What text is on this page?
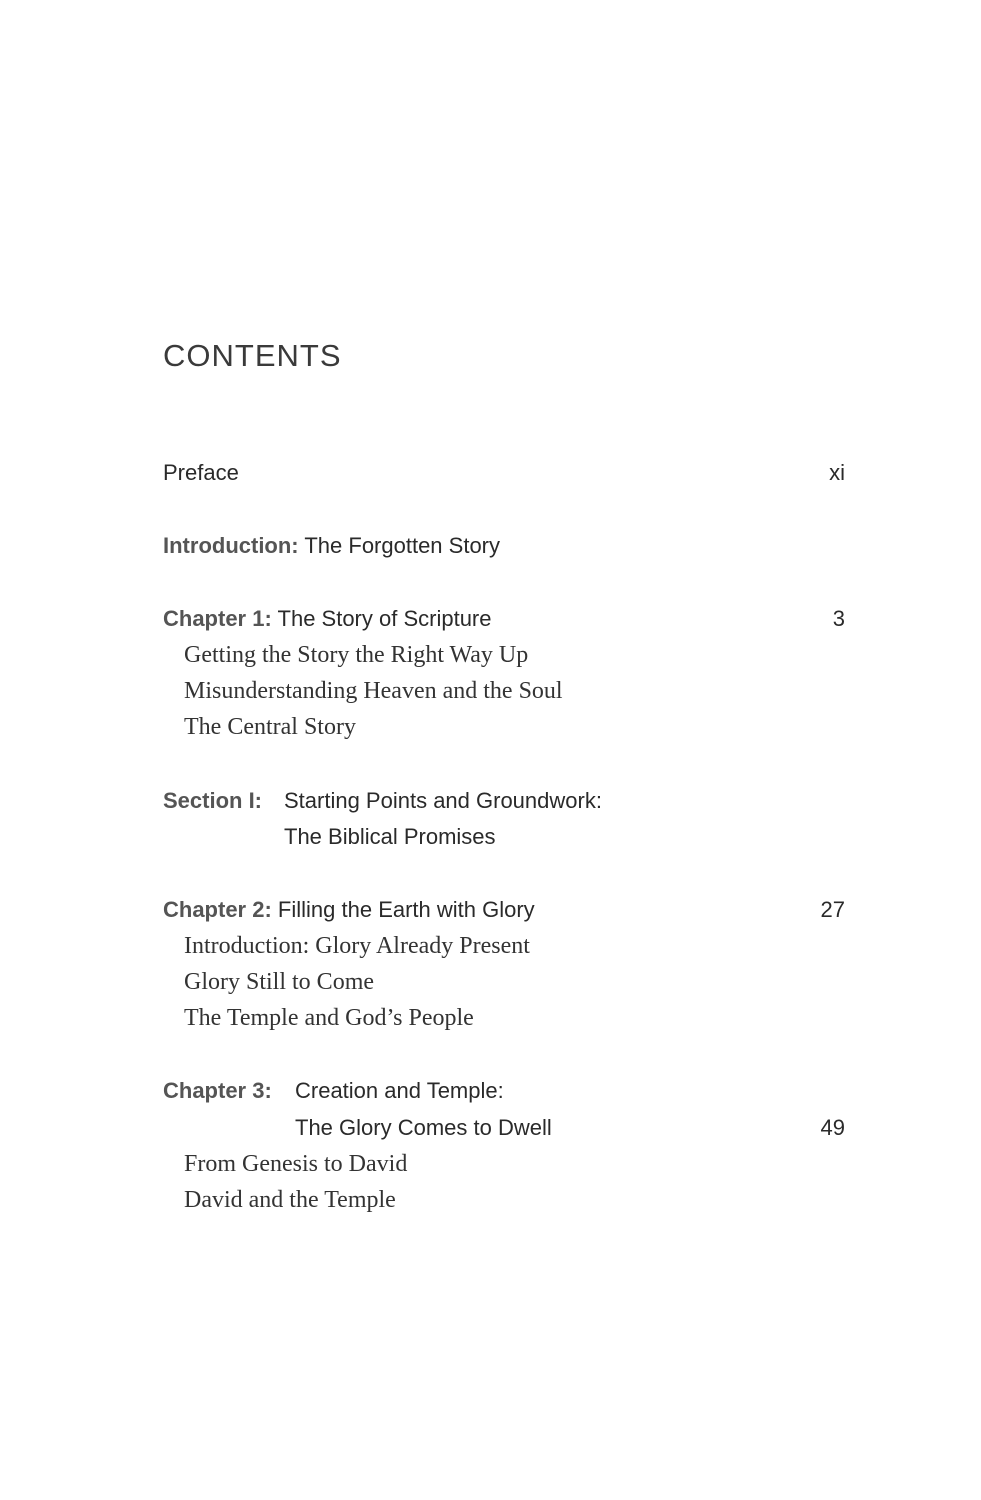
CONTENTS
Preface	xi
Introduction: The Forgotten Story
Chapter 1: The Story of Scripture	3
Getting the Story the Right Way Up
Misunderstanding Heaven and the Soul
The Central Story
Section I: Starting Points and Groundwork:
The Biblical Promises
Chapter 2: Filling the Earth with Glory	27
Introduction: Glory Already Present
Glory Still to Come
The Temple and God’s People
Chapter 3: Creation and Temple:
The Glory Comes to Dwell	49
From Genesis to David
David and the Temple
